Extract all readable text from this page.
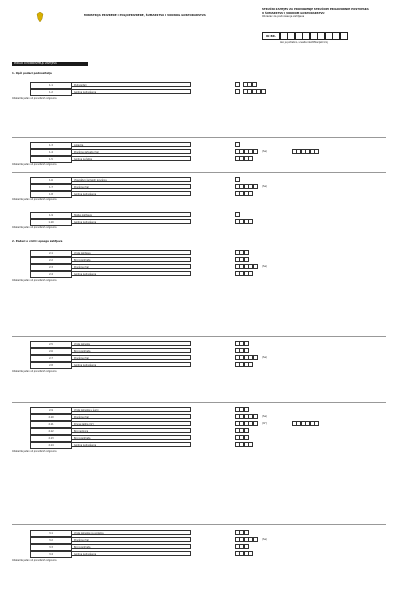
MINISTRIJA PRIVREDE I POLJOPRIVREDE, ŠUMARSTVA I VODNOG GOSPODARSTVA
STRUČNI ZAHTJEV ZA PROVOĐENJE STRUČNIH PRIGOVORNIH POSTUPAKA
U ŠUMARSTVU I VODNOM GOSPODARSTVU
Obrazac za podnošenje zahtjeva
ID BR.
Ako je potrebno, unesite identifikacijski broj
PODACI O PODNOSITELJU ZAHTJEVA
1. Opći podaci podnositelja
1.1	Podnositelj
1.2	Godina podnošenja
Odaberite jedan od ponuđenih odgovora
1.3	Lokacija
1.4	Površina zahvata (ha)	(ha)
1.5	Godina početka
Odaberite jedan od ponuđenih odgovora
1.6	Vlasništvo šumskih površina
1.7	Površina (ha)	(ha)
1.8	Godina podnošenja
Odaberite jedan od ponuđenih odgovora
1.9	Status zahtjeva
1.10	Godina podnošenja
Odaberite jedan od ponuđenih odgovora
2. Podaci o vrsti i opsegu zahtjeva
2.1	Vrsta zahtjeva
2.2	Broj predmeta
2.3	Površina (ha)	(ha)
2.4	Godina podnošenja
Odaberite jedan od ponuđenih odgovora
2.5	Vrsta zahvata
2.6	Broj predmeta
2.7	Površina (ha)	(ha)
2.8	Godina podnošenja
Odaberite jedan od ponuđenih odgovora
2.9	Vrsta zahvata u šumi
2.10	Površina (ha)	(ha)
2.11	Drvna zaliha (m³)	(m³)
2.12	Broj jedinica
2.13	Broj predmeta
2.14	Godina podnošenja
Odaberite jedan od ponuđenih odgovora
3.1	Vrsta zahvata na vodama
3.2	Površina (ha)	(ha)
3.3	Broj predmeta
3.4	Godina podnošenja
Odaberite jedan od ponuđenih odgovora
